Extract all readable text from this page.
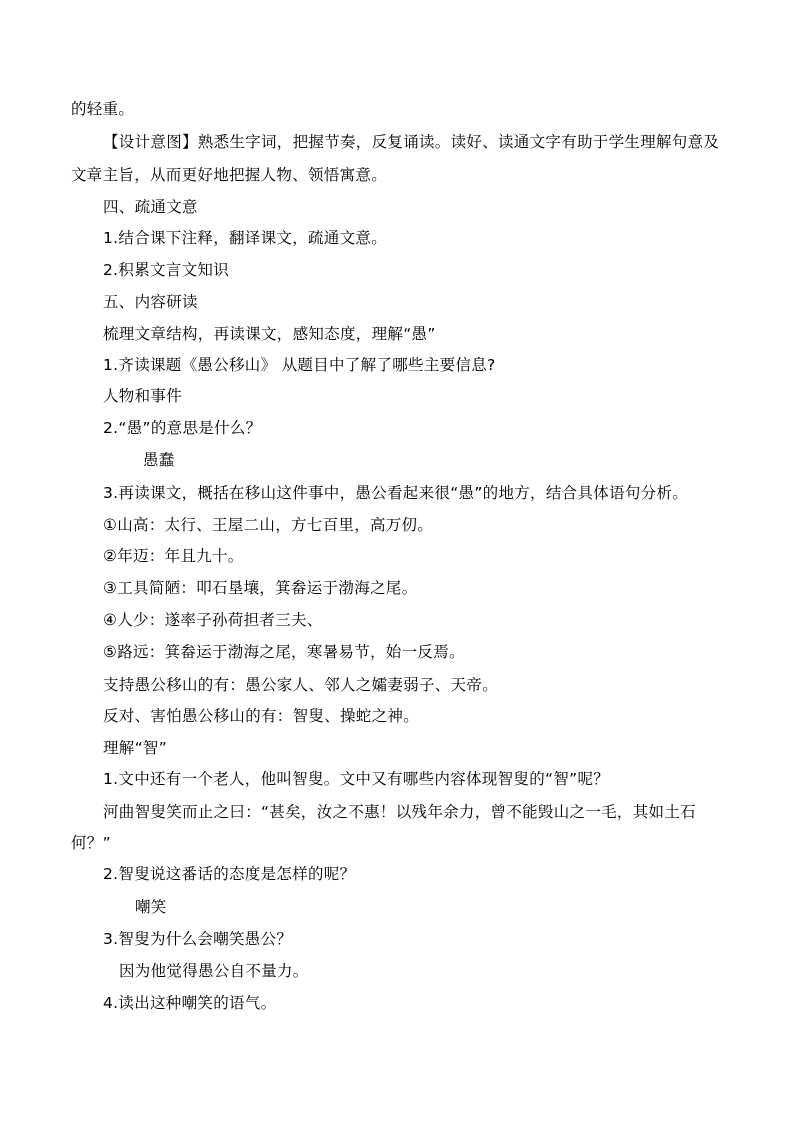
的轻重。
【设计意图】熟悉生字词，把握节奏，反复诵读。读好、读通文字有助于学生理解句意及
文章主旨，从而更好地把握人物、领悟寓意。
四、疏通文意
1.结合课下注释，翻译课文，疏通文意。
2.积累文言文知识
五、内容研读
梳理文章结构，再读课文，感知态度，理解“愚”
1.齐读课题《愚公移山》 从题目中了解了哪些主要信息?
人物和事件
2.“愚”的意思是什么？
愚蠢
3.再读课文，概括在移山这件事中，愚公看起来很“愚”的地方，结合具体语句分析。
①山高：太行、王屋二山，方七百里，高万仞。
②年迈：年且九十。
③工具简陋：叩石垦壤，箕畚运于渤海之尾。
④人少：遂率子孙荷担者三夫、
⑤路远：箕畚运于渤海之尾，寒暑易节，始一反焉。
支持愚公移山的有：愚公家人、邻人之孀妻弱子、天帝。
反对、害怕愚公移山的有：智叟、操蛇之神。
理解“智”
1.文中还有一个老人，他叫智叟。文中又有哪些内容体现智叟的“智”呢？
河曲智叟笑而止之曰：“甚矣，汝之不惠！以残年余力，曾不能毁山之一毛，其如土石
何？”
2.智叟说这番话的态度是怎样的呢？
嘲笑
3.智叟为什么会嘲笑愚公？
因为他觉得愚公自不量力。
4.读出这种嘲笑的语气。
